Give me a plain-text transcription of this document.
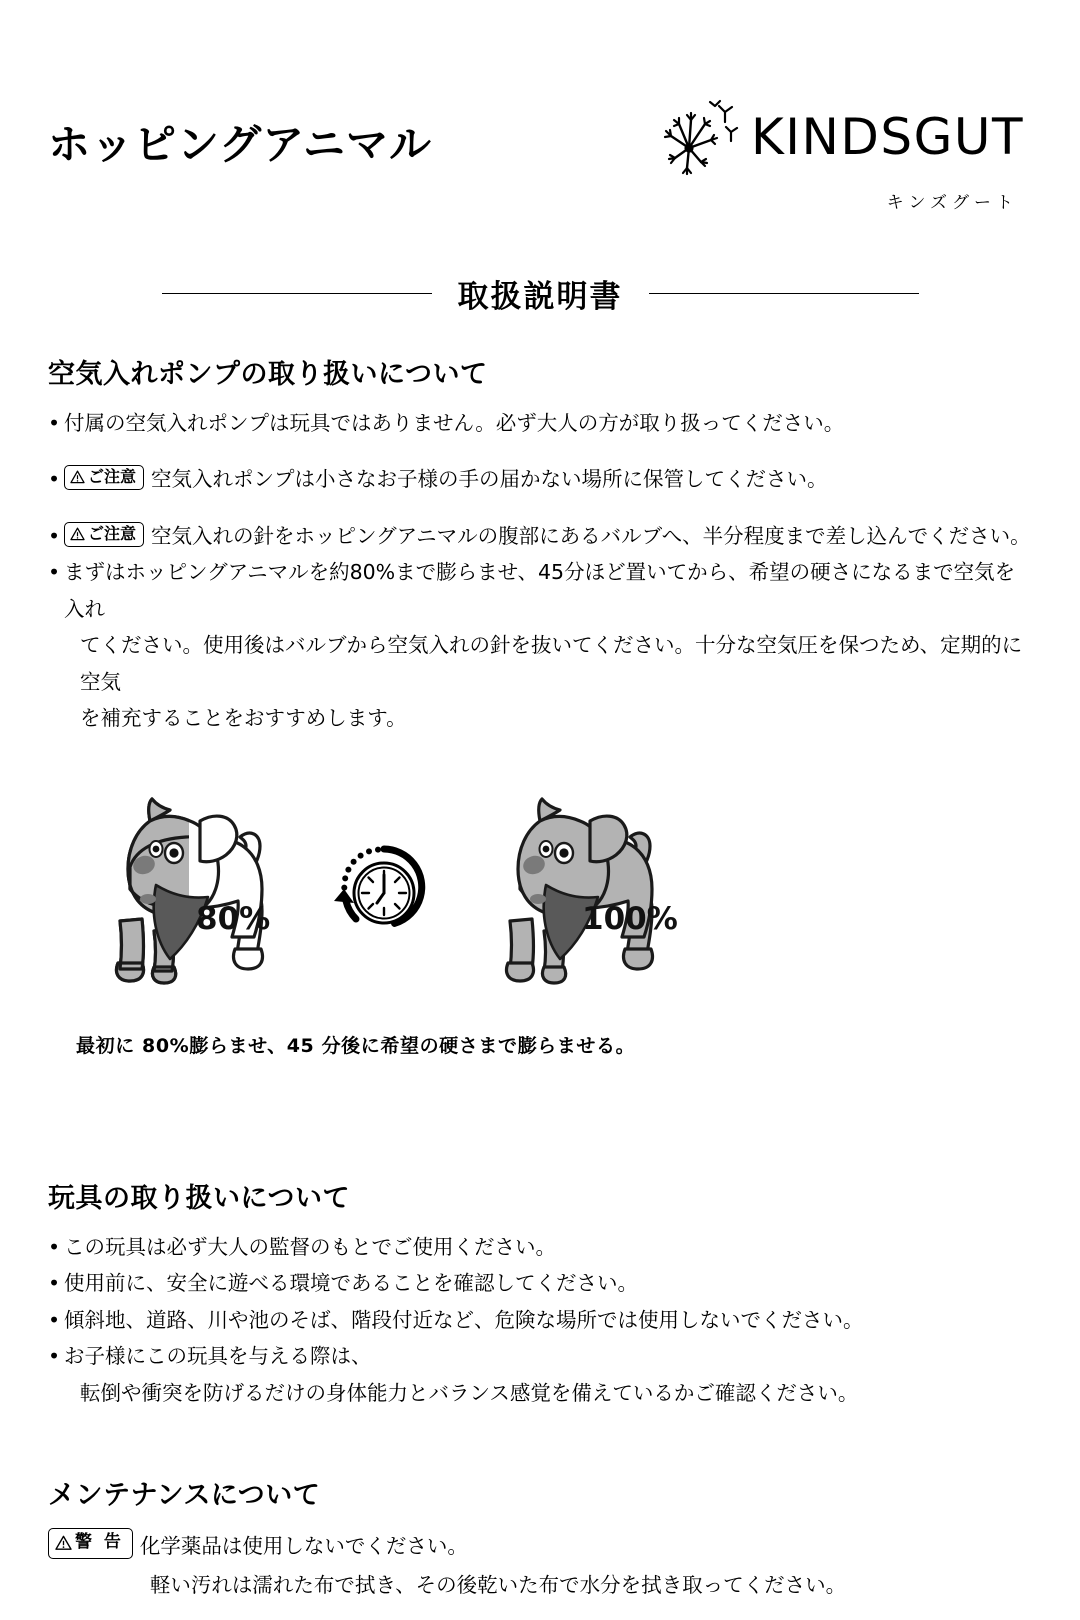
ホッピングアニマル	KINDSGUT
キンズグート
取扱説明書
空気入れポンプの取り扱いについて
• 付属の空気入れポンプは玩具ではありません。必ず大人の方が取り扱ってください。
• ご注意 空気入れポンプは小さなお子様の手の届かない場所に保管してください。
• ご注意 空気入れの針をホッピングアニマルの腹部にあるバルブへ、半分程度まで差し込んでください。
• まずはホッピングアニマルを約80%まで膨らませ、45分ほど置いてから、希望の硬さになるまで空気を入れ
てください。使用後はバルブから空気入れの針を抜いてください。十分な空気圧を保つため、定期的に空気
を補充することをおすすめします。
80%	100%
最初に 80%膨らませ、45 分後に希望の硬さまで膨らませる。
玩具の取り扱いについて
• この玩具は必ず大人の監督のもとでご使用ください。
• 使用前に、安全に遊べる環境であることを確認してください。
• 傾斜地、道路、川や池のそば、階段付近など、危険な場所では使用しないでください。
• お子様にこの玩具を与える際は、
転倒や衝突を防げるだけの身体能力とバランス感覚を備えているかご確認ください。
メンテナンスについて
警 告 化学薬品は使用しないでください。
軽い汚れは濡れた布で拭き、その後乾いた布で水分を拭き取ってください。
